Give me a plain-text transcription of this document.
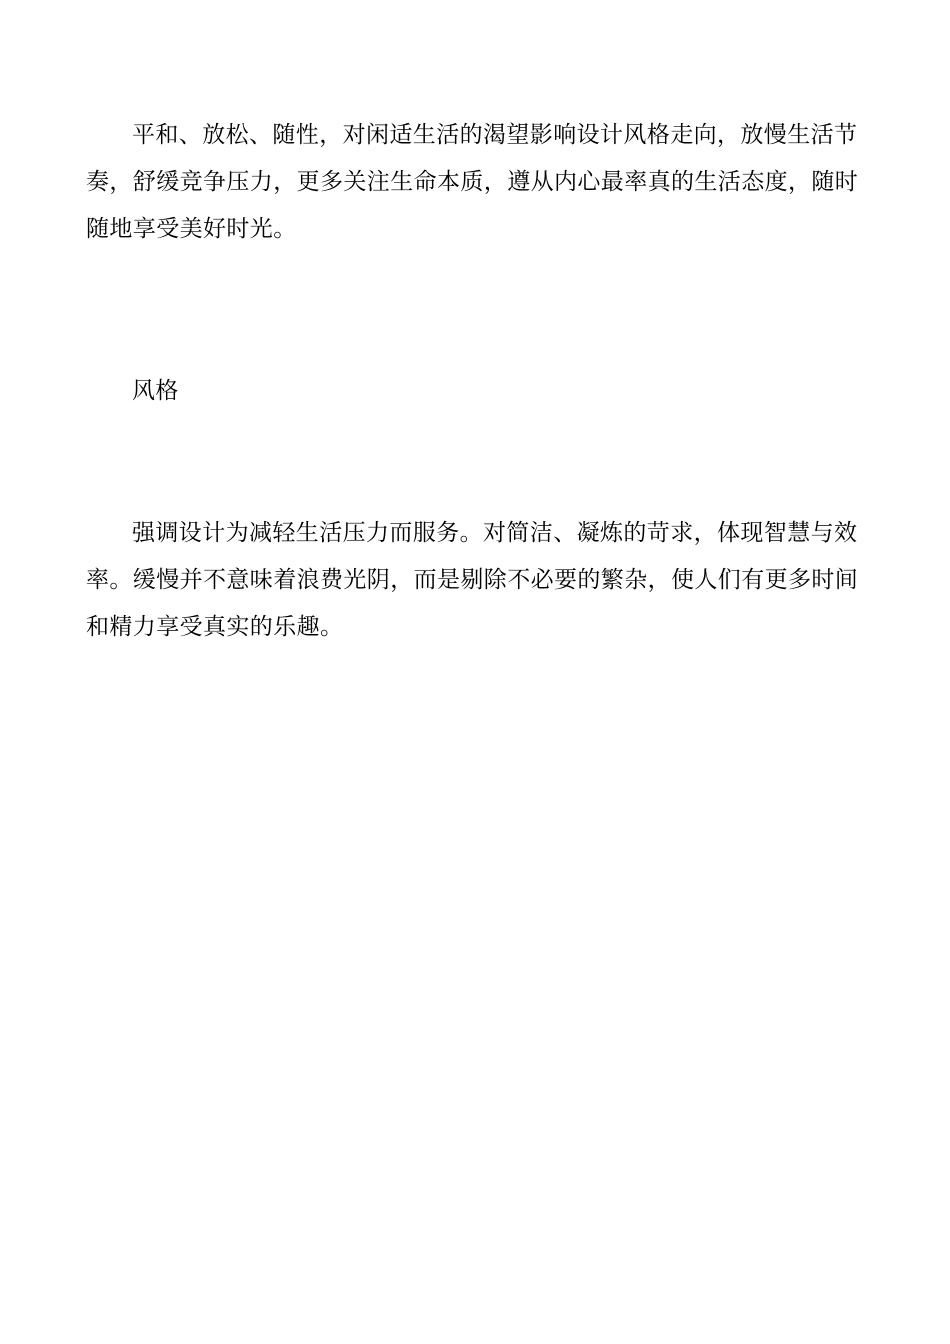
平和、放松、随性，对闲适生活的渴望影响设计风格走向，放慢生活节
奏，舒缓竞争压力，更多关注生命本质，遵从内心最率真的生活态度，随时
随地享受美好时光。

风格

强调设计为减轻生活压力而服务。对简洁、凝炼的苛求，体现智慧与效
率。缓慢并不意味着浪费光阴，而是剔除不必要的繁杂，使人们有更多时间
和精力享受真实的乐趣。
